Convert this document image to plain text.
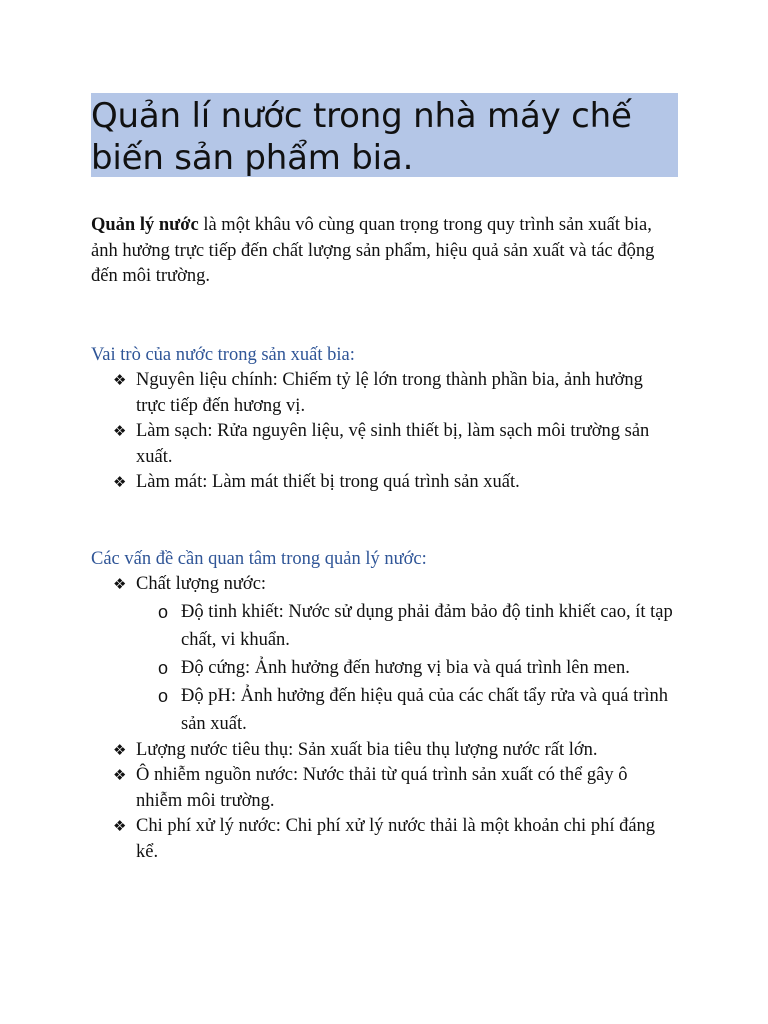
Quản lí nước trong nhà máy chế biến sản phẩm bia.

Quản lý nước là một khâu vô cùng quan trọng trong quy trình sản xuất bia, ảnh hưởng trực tiếp đến chất lượng sản phẩm, hiệu quả sản xuất và tác động đến môi trường.

Vai trò của nước trong sản xuất bia:
❖ Nguyên liệu chính: Chiếm tỷ lệ lớn trong thành phần bia, ảnh hưởng trực tiếp đến hương vị.
❖ Làm sạch: Rửa nguyên liệu, vệ sinh thiết bị, làm sạch môi trường sản xuất.
❖ Làm mát: Làm mát thiết bị trong quá trình sản xuất.
Các vấn đề cần quan tâm trong quản lý nước:
❖ Chất lượng nước:
o Độ tinh khiết: Nước sử dụng phải đảm bảo độ tinh khiết cao, ít tạp chất, vi khuẩn.
o Độ cứng: Ảnh hưởng đến hương vị bia và quá trình lên men.
o Độ pH: Ảnh hưởng đến hiệu quả của các chất tẩy rửa và quá trình sản xuất.
❖ Lượng nước tiêu thụ: Sản xuất bia tiêu thụ lượng nước rất lớn.
❖ Ô nhiễm nguồn nước: Nước thải từ quá trình sản xuất có thể gây ô nhiễm môi trường.
❖ Chi phí xử lý nước: Chi phí xử lý nước thải là một khoản chi phí đáng kể.
